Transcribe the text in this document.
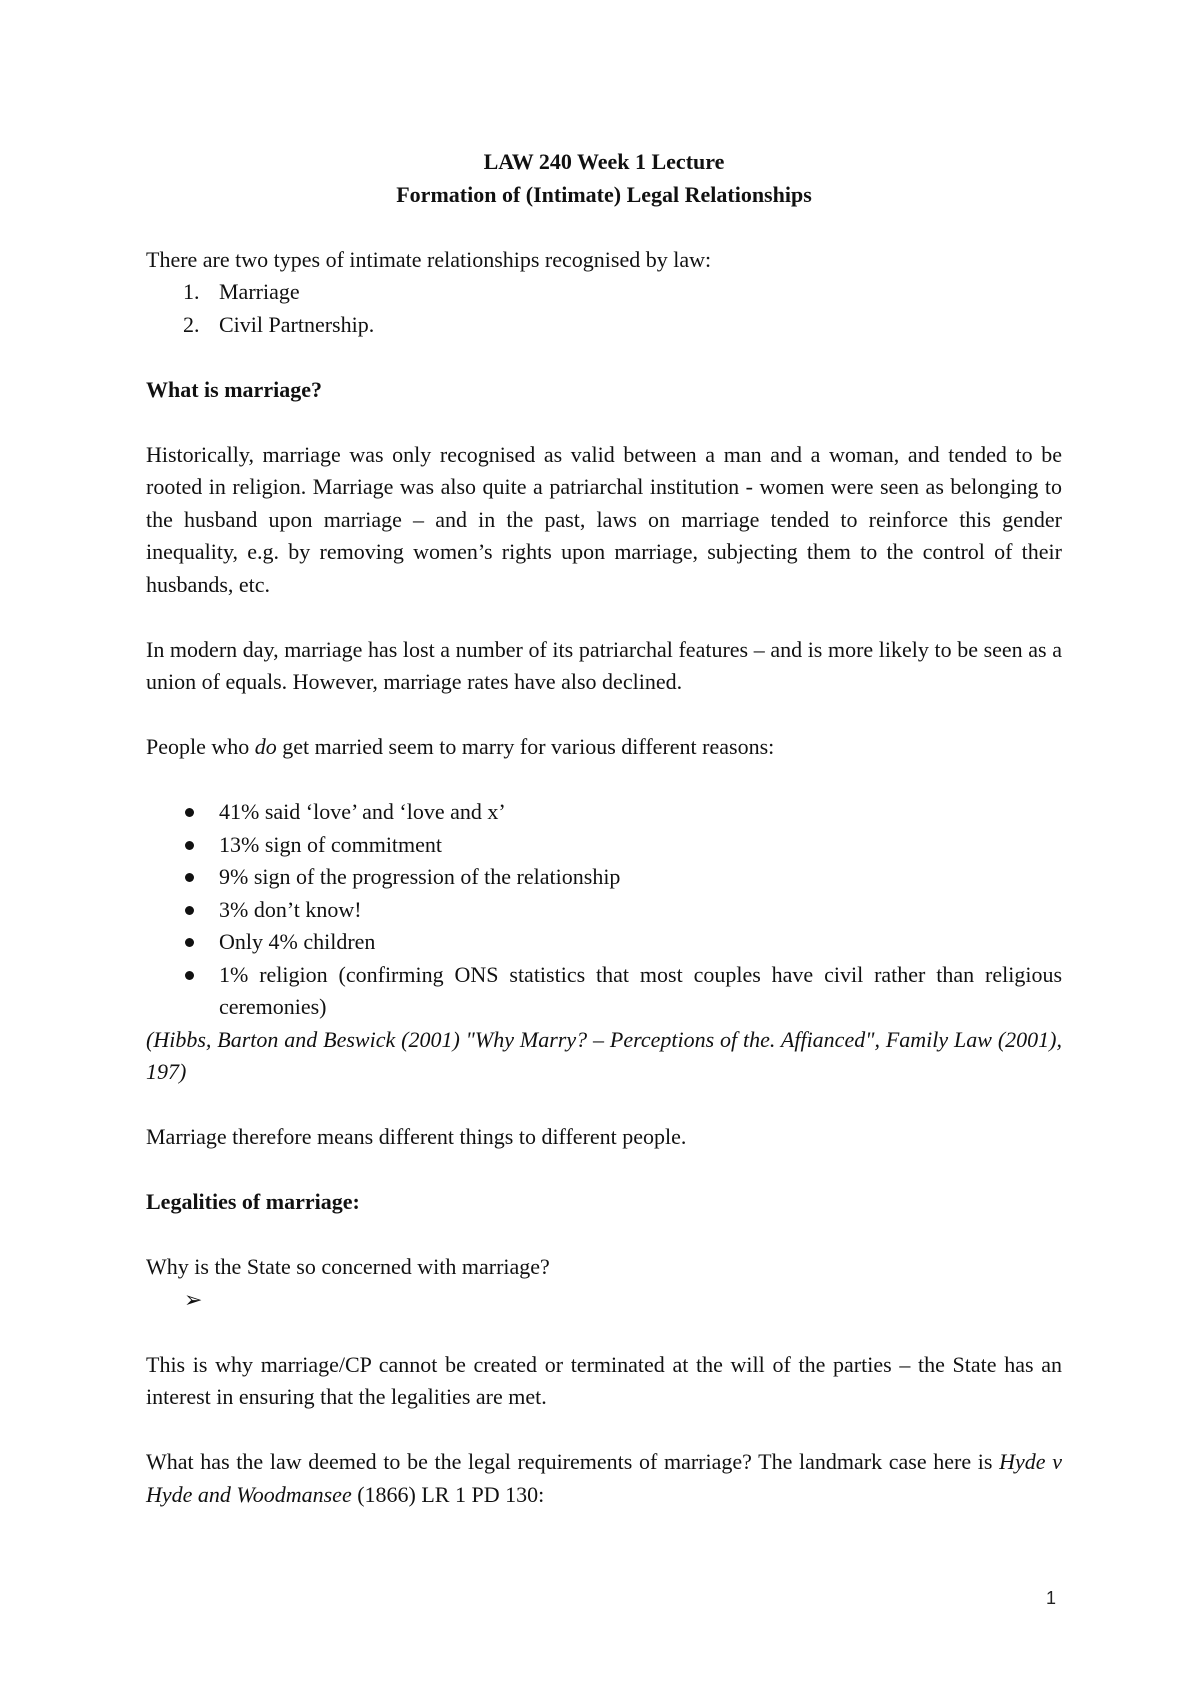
LAW 240 Week 1 Lecture

Formation of (Intimate) Legal Relationships

There are two types of intimate relationships recognised by law:

1. Marriage
2. Civil Partnership.

What is marriage?

Historically, marriage was only recognised as valid between a man and a woman, and tended to be rooted in religion. Marriage was also quite a patriarchal institution - women were seen as belonging to the husband upon marriage – and in the past, laws on marriage tended to reinforce this gender inequality, e.g. by removing women’s rights upon marriage, subjecting them to the control of their husbands, etc.

In modern day, marriage has lost a number of its patriarchal features – and is more likely to be seen as a union of equals. However, marriage rates have also declined.

People who do get married seem to marry for various different reasons:

41% said ‘love’ and ‘love and x’
13% sign of commitment
9% sign of the progression of the relationship
3% don’t know!
Only 4% children
1% religion (confirming ONS statistics that most couples have civil rather than religious ceremonies)

(Hibbs, Barton and Beswick (2001) "Why Marry? – Perceptions of the. Affianced", Family Law (2001), 197)

Marriage therefore means different things to different people.

Legalities of marriage:

Why is the State so concerned with marriage?

➢

This is why marriage/CP cannot be created or terminated at the will of the parties – the State has an interest in ensuring that the legalities are met.

What has the law deemed to be the legal requirements of marriage? The landmark case here is Hyde v Hyde and Woodmansee (1866) LR 1 PD 130:

1
